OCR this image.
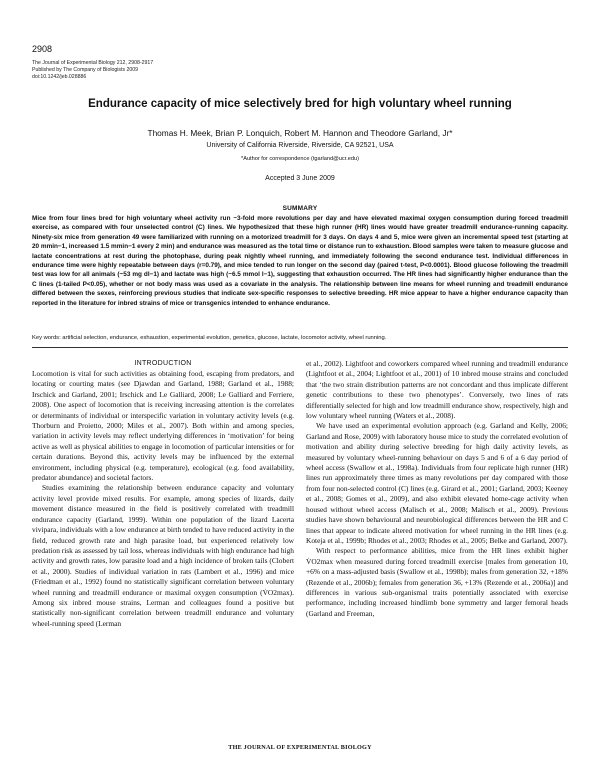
2908
The Journal of Experimental Biology 212, 2908-2917
Published by The Company of Biologists 2009
doi:10.1242/jeb.028886
Endurance capacity of mice selectively bred for high voluntary wheel running
Thomas H. Meek, Brian P. Lonquich, Robert M. Hannon and Theodore Garland, Jr*
University of California Riverside, Riverside, CA 92521, USA
*Author for correspondence (tgarland@ucr.edu)
Accepted 3 June 2009
SUMMARY
Mice from four lines bred for high voluntary wheel activity run ~3-fold more revolutions per day and have elevated maximal oxygen consumption during forced treadmill exercise, as compared with four unselected control (C) lines. We hypothesized that these high runner (HR) lines would have greater treadmill endurance-running capacity. Ninety-six mice from generation 49 were familiarized with running on a motorized treadmill for 3 days. On days 4 and 5, mice were given an incremental speed test (starting at 20 mmin−1, increased 1.5 mmin−1 every 2 min) and endurance was measured as the total time or distance run to exhaustion. Blood samples were taken to measure glucose and lactate concentrations at rest during the photophase, during peak nightly wheel running, and immediately following the second endurance test. Individual differences in endurance time were highly repeatable between days (r=0.79), and mice tended to run longer on the second day (paired t-test, P<0.0001). Blood glucose following the treadmill test was low for all animals (~53 mg dl−1) and lactate was high (~6.5 mmol l−1), suggesting that exhaustion occurred. The HR lines had significantly higher endurance than the C lines (1-tailed P<0.05), whether or not body mass was used as a covariate in the analysis. The relationship between line means for wheel running and treadmill endurance differed between the sexes, reinforcing previous studies that indicate sex-specific responses to selective breeding. HR mice appear to have a higher endurance capacity than reported in the literature for inbred strains of mice or transgenics intended to enhance endurance.
Key words: artificial selection, endurance, exhaustion, experimental evolution, genetics, glucose, lactate, locomotor activity, wheel running.
INTRODUCTION

Locomotion is vital for such activities as obtaining food, escaping from predators, and locating or courting mates (see Djawdan and Garland, 1988; Garland et al., 1988; Irschick and Garland, 2001; Irschick and Le Galliard, 2008; Le Galliard and Ferriere, 2008). One aspect of locomotion that is receiving increasing attention is the correlates or determinants of individual or interspecific variation in voluntary activity levels (e.g. Thorburn and Proietto, 2000; Miles et al., 2007). Both within and among species, variation in activity levels may reflect underlying differences in ‘motivation’ for being active as well as physical abilities to engage in locomotion of particular intensities or for certain durations. Beyond this, activity levels may be influenced by the external environment, including physical (e.g. temperature), ecological (e.g. food availability, predator abundance) and societal factors.

Studies examining the relationship between endurance capacity and voluntary activity level provide mixed results. For example, among species of lizards, daily movement distance measured in the field is positively correlated with treadmill endurance capacity (Garland, 1999). Within one population of the lizard Lacerta vivipara, individuals with a low endurance at birth tended to have reduced activity in the field, reduced growth rate and high parasite load, but experienced relatively low predation risk as assessed by tail loss, whereas individuals with high endurance had high activity and growth rates, low parasite load and a high incidence of broken tails (Clobert et al., 2000). Studies of individual variation in rats (Lambert et al., 1996) and mice (Friedman et al., 1992) found no statistically significant correlation between voluntary wheel running and treadmill endurance or maximal oxygen consumption (V̇O2max). Among six inbred mouse strains, Lerman and colleagues found a positive but statistically non-significant correlation between treadmill endurance and voluntary wheel-running speed (Lerman

et al., 2002). Lightfoot and coworkers compared wheel running and treadmill endurance (Lightfoot et al., 2004; Lightfoot et al., 2001) of 10 inbred mouse strains and concluded that ‘the two strain distribution patterns are not concordant and thus implicate different genetic contributions to these two phenotypes’. Conversely, two lines of rats differentially selected for high and low treadmill endurance show, respectively, high and low voluntary wheel running (Waters et al., 2008).

We have used an experimental evolution approach (e.g. Garland and Kelly, 2006; Garland and Rose, 2009) with laboratory house mice to study the correlated evolution of motivation and ability during selective breeding for high daily activity levels, as measured by voluntary wheel-running behaviour on days 5 and 6 of a 6 day period of wheel access (Swallow et al., 1998a). Individuals from four replicate high runner (HR) lines run approximately three times as many revolutions per day compared with those from four non-selected control (C) lines (e.g. Girard et al., 2001; Garland, 2003; Keeney et al., 2008; Gomes et al., 2009), and also exhibit elevated home-cage activity when housed without wheel access (Malisch et al., 2008; Malisch et al., 2009). Previous studies have shown behavioural and neurobiological differences between the HR and C lines that appear to indicate altered motivation for wheel running in the HR lines (e.g. Koteja et al., 1999b; Rhodes et al., 2003; Rhodes et al., 2005; Belke and Garland, 2007).

With respect to performance abilities, mice from the HR lines exhibit higher V̇O2max when measured during forced treadmill exercise [males from generation 10, +6% on a mass-adjusted basis (Swallow et al., 1998b); males from generation 32, +18% (Rezende et al., 2006b); females from generation 36, +13% (Rezende et al., 2006a)] and differences in various sub-organismal traits potentially associated with exercise performance, including increased hindlimb bone symmetry and larger femoral heads (Garland and Freeman,

THE JOURNAL OF EXPERIMENTAL BIOLOGY
